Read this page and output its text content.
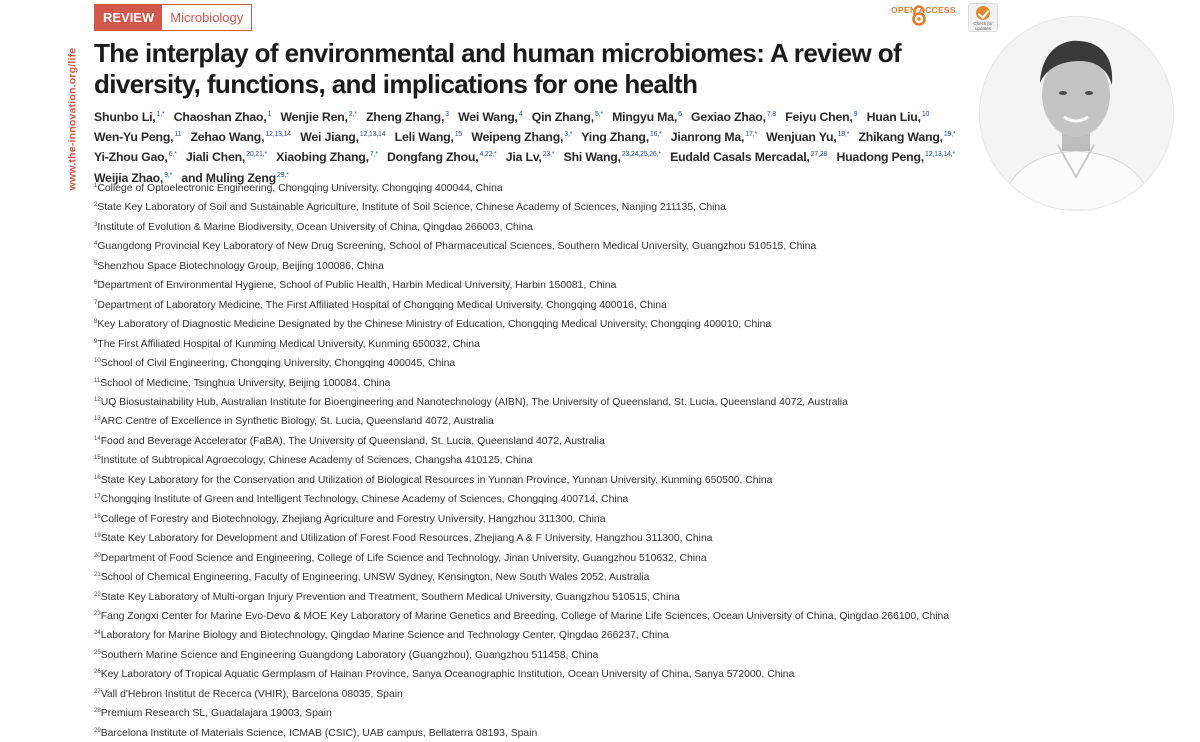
REVIEW	Microbiology
www.the-innovation.org/life
OPEN ACCESS
Check for updates
The interplay of environmental and human microbiomes: A review of diversity, functions, and implications for one health
Shunbo Li,$^{1,*}$ Chaoshan Zhao,$^1$ Wenjie Ren,$^{2,*}$ Zheng Zhang,$^3$ Wei Wang,$^4$ Qin Zhang,$^{5,*}$ Mingyu Ma,$^6$ Gexiao Zhao,$^{7,8}$ Feiyu Chen,$^9$ Huan Liu,$^{10}$ Wen-Yu Peng,$^{11}$ Zehao Wang,$^{12,13,14}$ Wei Jiang,$^{12,13,14}$ Leli Wang,$^{15}$ Weipeng Zhang,$^{3,*}$ Ying Zhang,$^{16,*}$ Jianrong Ma,$^{17,*}$ Wenjuan Yu,$^{18,*}$ Zhikang Wang,$^{19,*}$ Yi-Zhou Gao,$^{6,*}$ Jiali Chen,$^{20,21,*}$ Xiaobing Zhang,$^{7,*}$ Dongfang Zhou,$^{4,22,*}$ Jia Lv,$^{23,*}$ Shi Wang,$^{23,24,25,26,*}$ Eudald Casals Mercadal,$^{27,28}$ Huadong Peng,$^{12,13,14,*}$ Weijia Zhao,$^{9,*}$ and Muling Zeng$^{29,*}$
$^1$College of Optoelectronic Engineering, Chongqing University, Chongqing 400044, China
$^2$State Key Laboratory of Soil and Sustainable Agriculture, Institute of Soil Science, Chinese Academy of Sciences, Nanjing 211135, China
$^3$Institute of Evolution & Marine Biodiversity, Ocean University of China, Qingdao 266003, China
$^4$Guangdong Provincial Key Laboratory of New Drug Screening, School of Pharmaceutical Sciences, Southern Medical University, Guangzhou 510515, China
$^5$Shenzhou Space Biotechnology Group, Beijing 100086, China
$^6$Department of Environmental Hygiene, School of Public Health, Harbin Medical University, Harbin 150081, China
$^7$Department of Laboratory Medicine, The First Affiliated Hospital of Chongqing Medical University, Chongqing 400016, China
$^8$Key Laboratory of Diagnostic Medicine Designated by the Chinese Ministry of Education, Chongqing Medical University, Chongqing 400010, China
$^9$The First Affiliated Hospital of Kunming Medical University, Kunming 650032, China
$^{10}$School of Civil Engineering, Chongqing University, Chongqing 400045, China
$^{11}$School of Medicine, Tsinghua University, Beijing 100084, China
$^{12}$UQ Biosustainability Hub, Australian Institute for Bioengineering and Nanotechnology (AIBN), The University of Queensland, St. Lucia, Queensland 4072, Australia
$^{13}$ARC Centre of Excellence in Synthetic Biology, St. Lucia, Queensland 4072, Australia
$^{14}$Food and Beverage Accelerator (FaBA), The University of Queensland, St. Lucia, Queensland 4072, Australia
$^{15}$Institute of Subtropical Agroecology, Chinese Academy of Sciences, Changsha 410125, China
$^{16}$State Key Laboratory for the Conservation and Utilization of Biological Resources in Yunnan Province, Yunnan University, Kunming 650500, China
$^{17}$Chongqing Institute of Green and Intelligent Technology, Chinese Academy of Sciences, Chongqing 400714, China
$^{18}$College of Forestry and Biotechnology, Zhejiang Agriculture and Forestry University, Hangzhou 311300, China
$^{19}$State Key Laboratory for Development and Utilization of Forest Food Resources, Zhejiang A & F University, Hangzhou 311300, China
$^{20}$Department of Food Science and Engineering, College of Life Science and Technology, Jinan University, Guangzhou 510632, China
$^{21}$School of Chemical Engineering, Faculty of Engineering, UNSW Sydney, Kensington, New South Wales 2052, Australia
$^{22}$State Key Laboratory of Multi-organ Injury Prevention and Treatment, Southern Medical University, Guangzhou 510515, China
$^{23}$Fang Zongxi Center for Marine Evo-Devo & MOE Key Laboratory of Marine Genetics and Breeding, College of Marine Life Sciences, Ocean University of China, Qingdao 266100, China
$^{24}$Laboratory for Marine Biology and Biotechnology, Qingdao Marine Science and Technology Center, Qingdao 266237, China
$^{25}$Southern Marine Science and Engineering Guangdong Laboratory (Guangzhou), Guangzhou 511458, China
$^{26}$Key Laboratory of Tropical Aquatic Germplasm of Hainan Province, Sanya Oceanographic Institution, Ocean University of China, Sanya 572000, China
$^{27}$Vall d'Hebron Institut de Recerca (VHIR), Barcelona 08035, Spain
$^{28}$Premium Research SL, Guadalajara 19003, Spain
$^{29}$Barcelona Institute of Materials Science, ICMAB (CSIC), UAB campus, Bellaterra 08193, Spain
